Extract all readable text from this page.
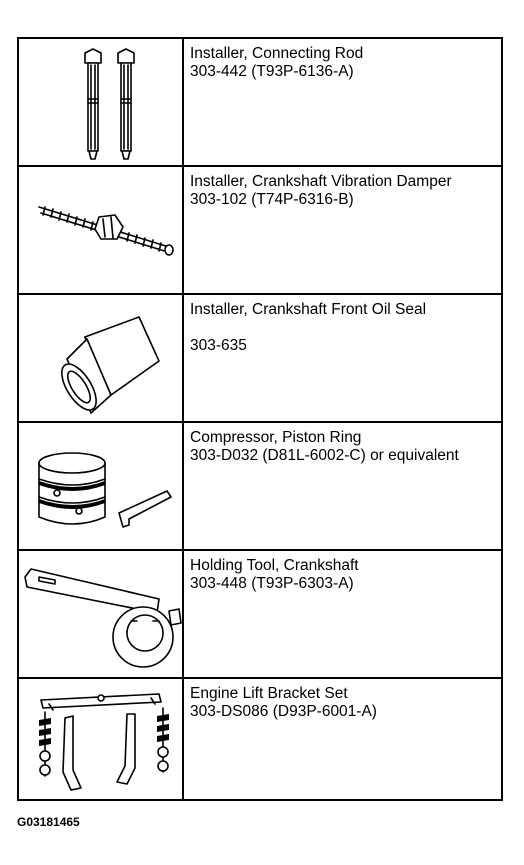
Installer, Connecting Rod
303-442 (T93P-6136-A)
Installer, Crankshaft Vibration Damper
303-102 (T74P-6316-B)
Installer, Crankshaft Front Oil Seal
303-635
Compressor, Piston Ring
303-D032 (D81L-6002-C) or equivalent
Holding Tool, Crankshaft
303-448 (T93P-6303-A)
Engine Lift Bracket Set
303-DS086 (D93P-6001-A)
G03181465
